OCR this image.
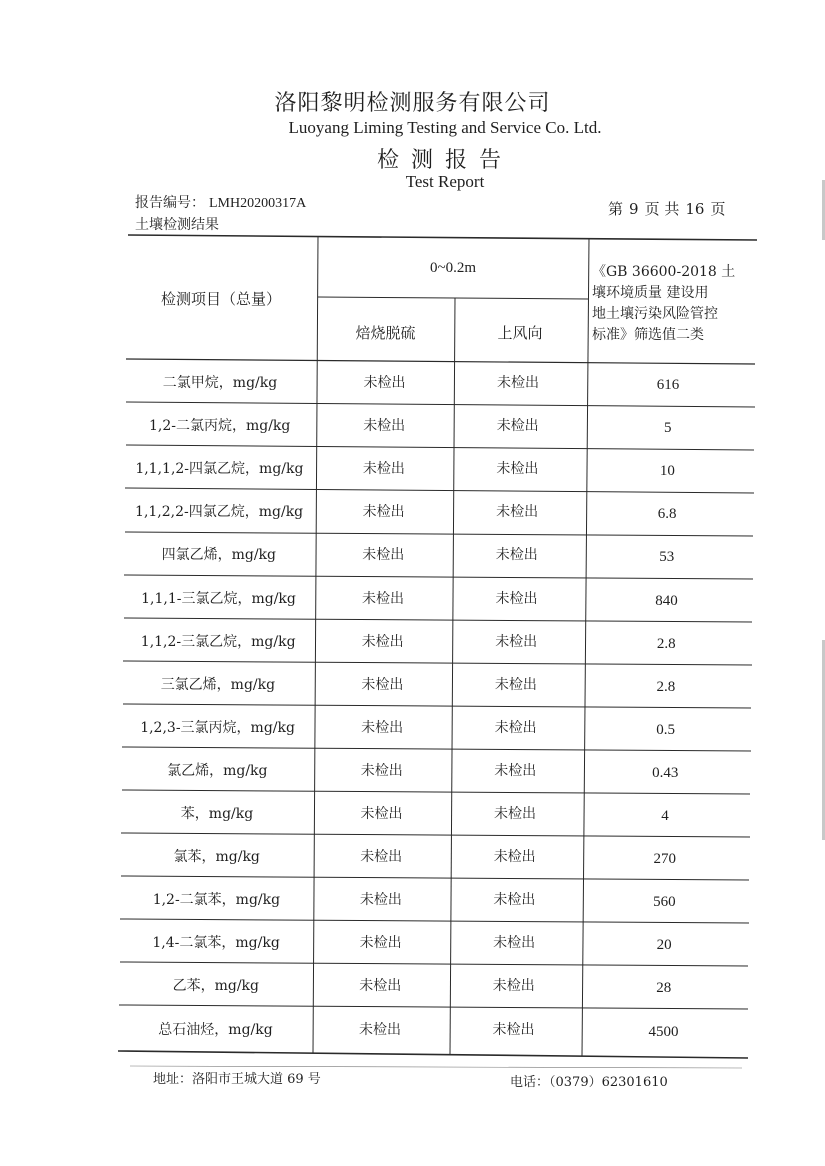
洛阳黎明检测服务有限公司
Luoyang Liming Testing and Service Co. Ltd.
检测报告
Test Report
报告编号： LMH20200317A	第 9 页 共 16 页
土壤检测结果
检测项目（总量）
0~0.2m
焙烧脱硫	上风向
《GB 36600-2018 土
壤环境质量 建设用
地土壤污染风险管控
标准》筛选值二类
二氯甲烷，mg/kg	未检出	未检出	616
1,2-二氯丙烷，mg/kg	未检出	未检出	5
1,1,1,2-四氯乙烷，mg/kg	未检出	未检出	10
1,1,2,2-四氯乙烷，mg/kg	未检出	未检出	6.8
四氯乙烯，mg/kg	未检出	未检出	53
1,1,1-三氯乙烷，mg/kg	未检出	未检出	840
1,1,2-三氯乙烷，mg/kg	未检出	未检出	2.8
三氯乙烯，mg/kg	未检出	未检出	2.8
1,2,3-三氯丙烷，mg/kg	未检出	未检出	0.5
氯乙烯，mg/kg	未检出	未检出	0.43
苯，mg/kg	未检出	未检出	4
氯苯，mg/kg	未检出	未检出	270
1,2-二氯苯，mg/kg	未检出	未检出	560
1,4-二氯苯，mg/kg	未检出	未检出	20
乙苯，mg/kg	未检出	未检出	28
总石油烃，mg/kg	未检出	未检出	4500
地址：洛阳市王城大道 69 号	电话：（0379）62301610
